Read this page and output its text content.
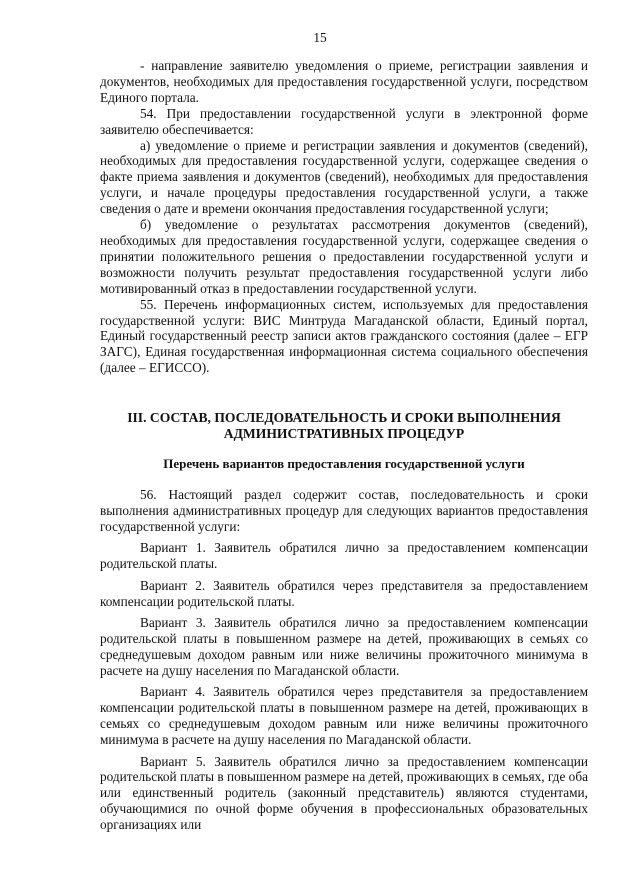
15

- направление заявителю уведомления о приеме, регистрации заявления и документов, необходимых для предоставления государственной услуги, посредством Единого портала.

54. При предоставлении государственной услуги в электронной форме заявителю обеспечивается:

а) уведомление о приеме и регистрации заявления и документов (сведений), необходимых для предоставления государственной услуги, содержащее сведения о факте приема заявления и документов (сведений), необходимых для предоставления услуги, и начале процедуры предоставления государственной услуги, а также сведения о дате и времени окончания предоставления государственной услуги;

б) уведомление о результатах рассмотрения документов (сведений), необходимых для предоставления государственной услуги, содержащее сведения о принятии положительного решения о предоставлении государственной услуги и возможности получить результат предоставления государственной услуги либо мотивированный отказ в предоставлении государственной услуги.

55. Перечень информационных систем, используемых для предоставления государственной услуги: ВИС Минтруда Магаданской области, Единый портал, Единый государственный реестр записи актов гражданского состояния (далее – ЕГР ЗАГС), Единая государственная информационная система социального обеспечения (далее – ЕГИССО).

III. СОСТАВ, ПОСЛЕДОВАТЕЛЬНОСТЬ И СРОКИ ВЫПОЛНЕНИЯ АДМИНИСТРАТИВНЫХ ПРОЦЕДУР
Перечень вариантов предоставления государственной услуги

56. Настоящий раздел содержит состав, последовательность и сроки выполнения административных процедур для следующих вариантов предоставления государственной услуги:

Вариант 1. Заявитель обратился лично за предоставлением компенсации родительской платы.

Вариант 2. Заявитель обратился через представителя за предоставлением компенсации родительской платы.

Вариант 3. Заявитель обратился лично за предоставлением компенсации родительской платы в повышенном размере на детей, проживающих в семьях со среднедушевым доходом равным или ниже величины прожиточного минимума в расчете на душу населения по Магаданской области.

Вариант 4. Заявитель обратился через представителя за предоставлением компенсации родительской платы в повышенном размере на детей, проживающих в семьях со среднедушевым доходом равным или ниже величины прожиточного минимума в расчете на душу населения по Магаданской области.

Вариант 5. Заявитель обратился лично за предоставлением компенсации родительской платы в повышенном размере на детей, проживающих в семьях, где оба или единственный родитель (законный представитель) являются студентами, обучающимися по очной форме обучения в профессиональных образовательных организациях или
